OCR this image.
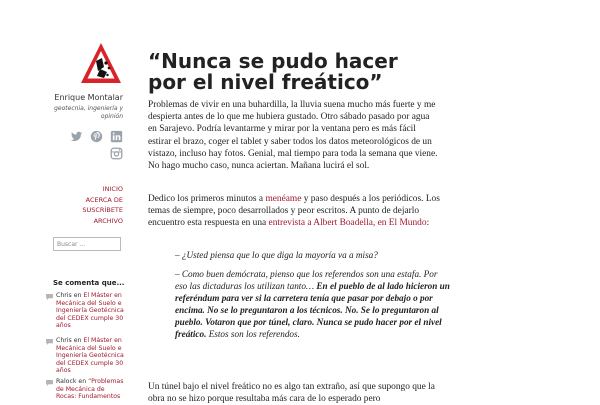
Enrique Montalar
geotecnia, ingeniería y opinión
INICIO
ACERCA DE
SUSCRÍBETE
ARCHIVO
Buscar ...
Se comenta que...
Chris en El Máster en Mecánica del Suelo e Ingeniería Geotécnica del CEDEX cumple 30 años
Chris en El Máster en Mecánica del Suelo e Ingeniería Geotécnica del CEDEX cumple 30 años
Ralock en “Problemas de Mecánica de Rocas: Fundamentos
“Nunca se pudo hacer por el nivel freático”

Problemas de vivir en una buhardilla, la lluvia suena mucho más fuerte y me despierta antes de lo que me hubiera gustado. Otro sábado pasado por agua en Sarajevo. Podría levantarme y mirar por la ventana pero es más fácil estirar el brazo, coger el tablet y saber todos los datos meteorológicos de un vistazo, incluso hay fotos. Genial, mal tiempo para toda la semana que viene. No hago mucho caso, nunca aciertan. Mañana lucirá el sol.

Dedico los primeros minutos a menéame y paso después a los periódicos. Los temas de siempre, poco desarrollados y peor escritos. A punto de dejarlo encuentro esta respuesta en una entrevista a Albert Boadella, en El Mundo:

– ¿Usted piensa que lo que diga la mayoría va a misa?

– Como buen demócrata, pienso que los referendos son una estafa. Por eso las dictaduras los utilizan tanto… En el pueblo de al lado hicieron un referéndum para ver si la carretera tenía que pasar por debajo o por encima. No se lo preguntaron a los técnicos. No. Se lo preguntaron al pueblo. Votaron que por túnel, claro. Nunca se pudo hacer por el nivel freático. Estos son los referendos.

Un túnel bajo el nivel freático no es algo tan extraño, así que supongo que la obra no se hizo porque resultaba más cara de lo esperado pero
